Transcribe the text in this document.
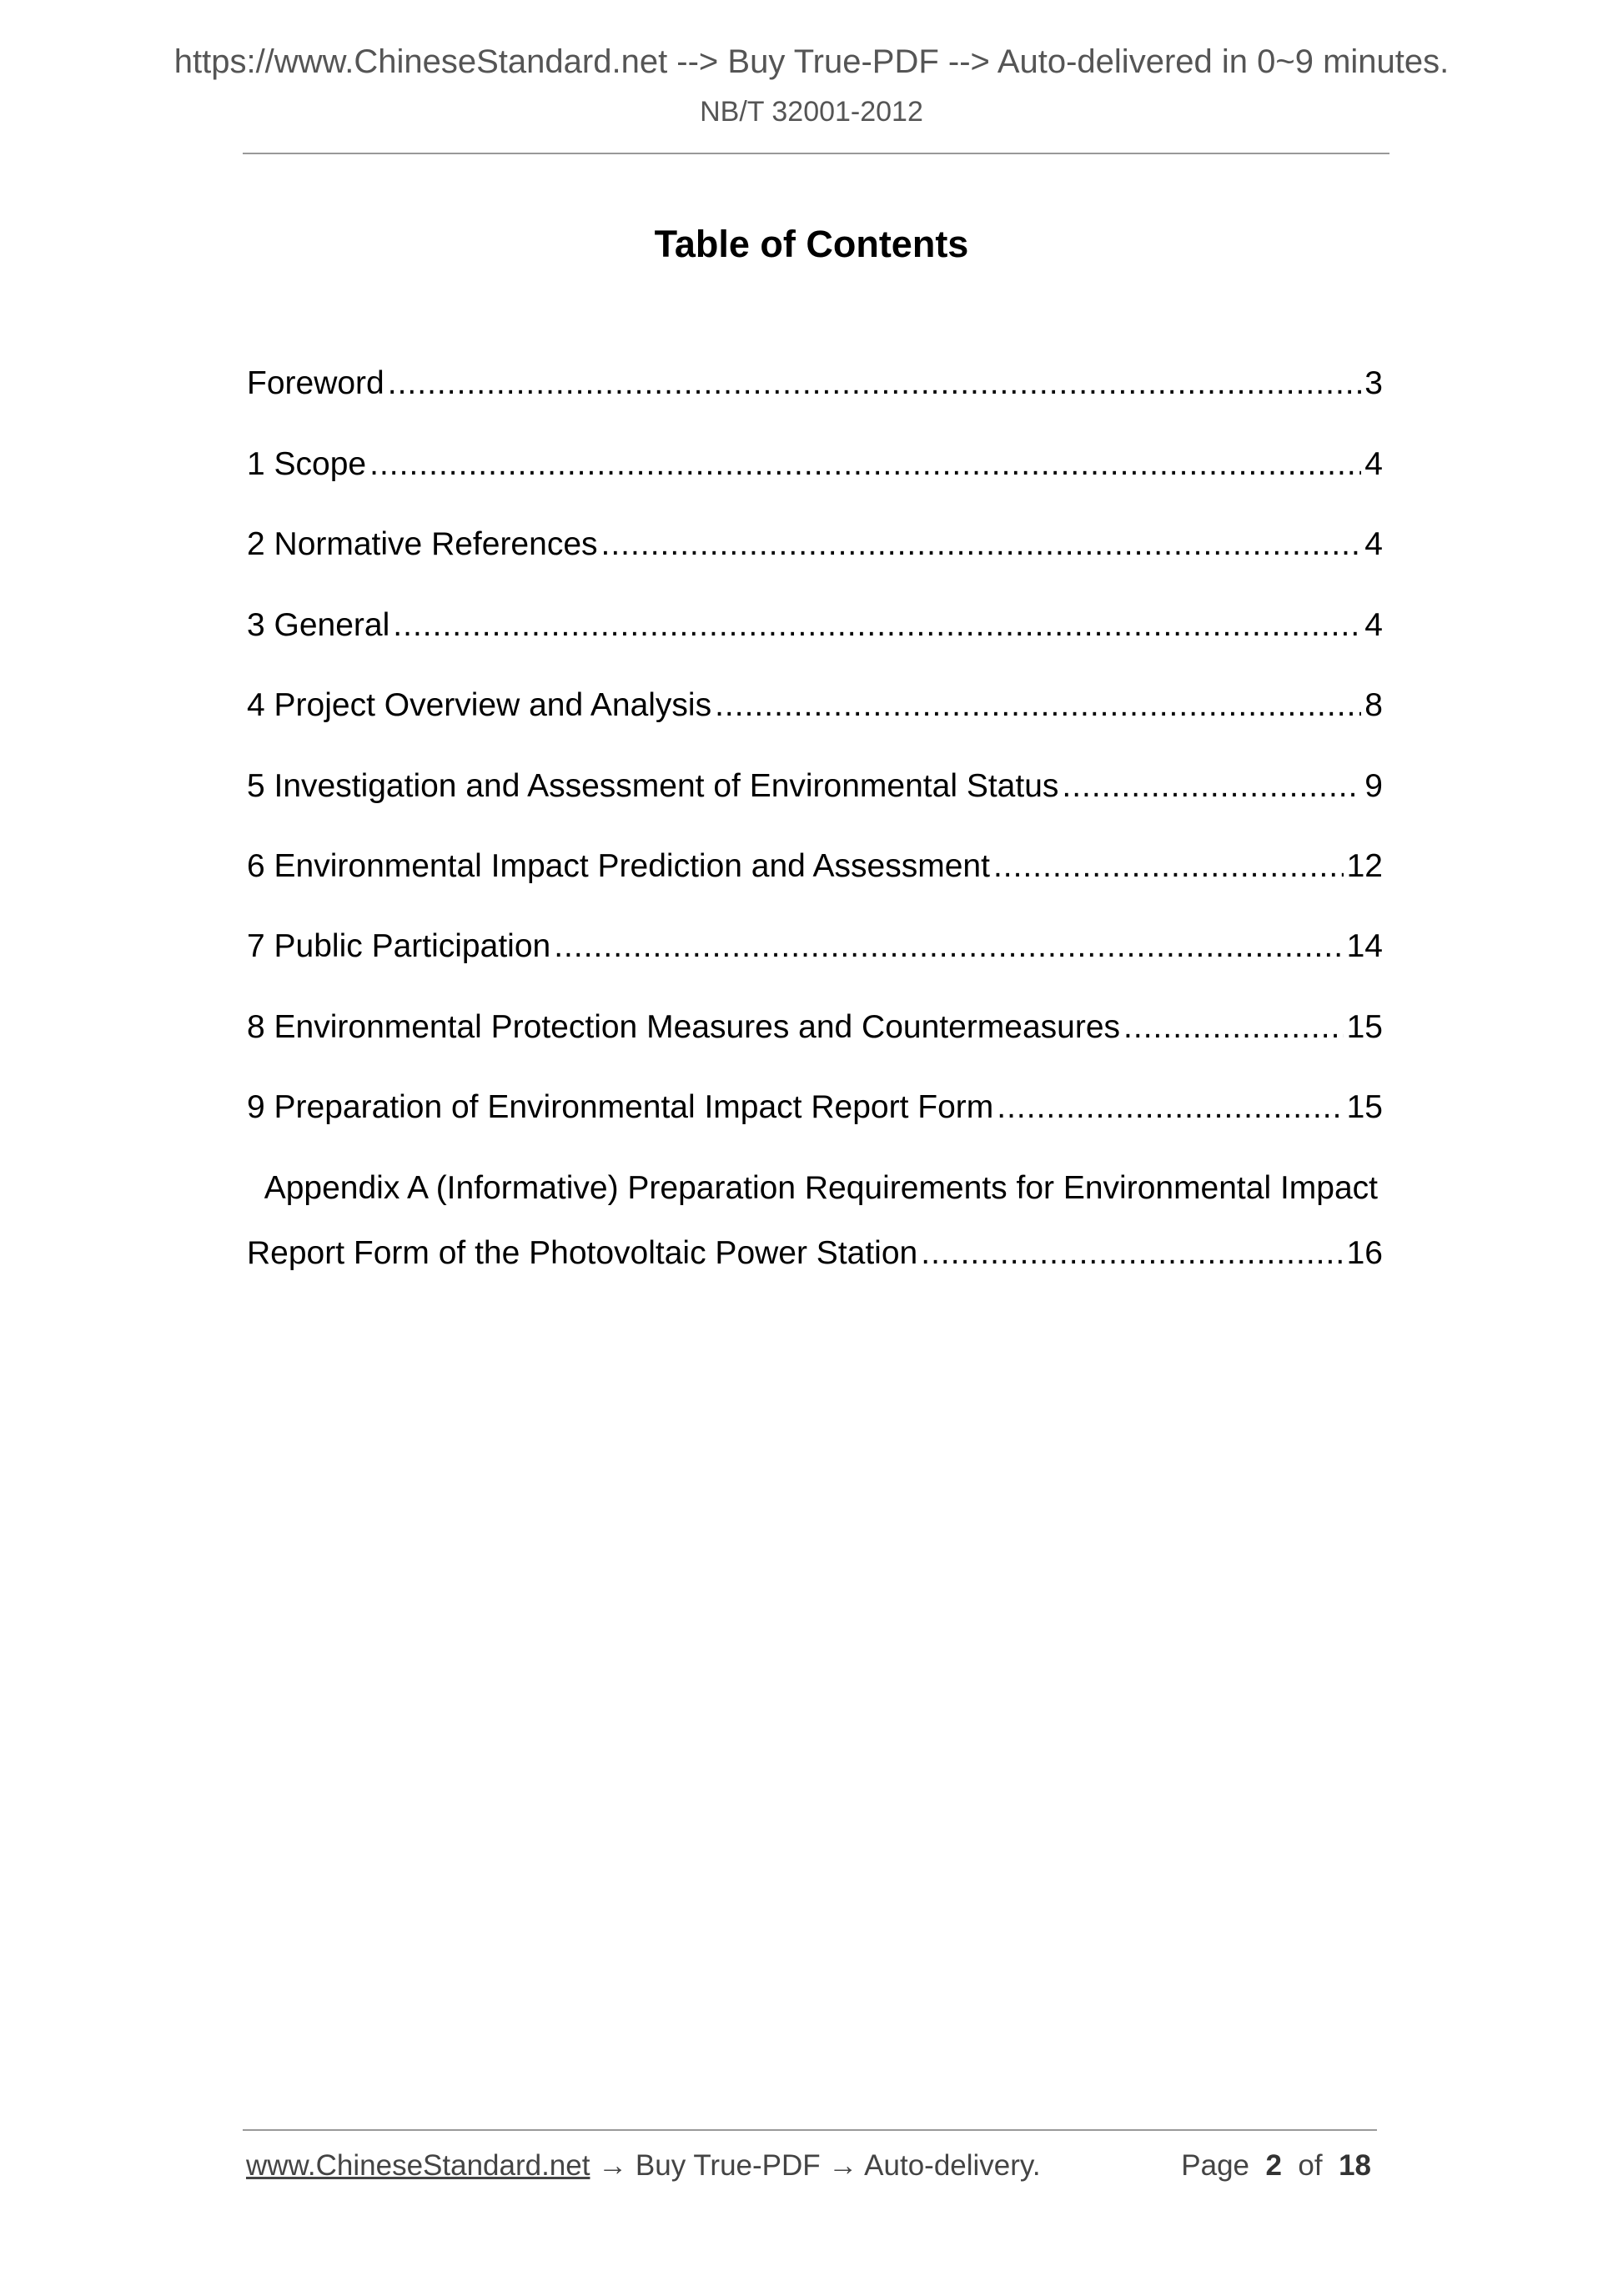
https://www.ChineseStandard.net --> Buy True-PDF --> Auto-delivered in 0~9 minutes.
NB/T 32001-2012
Table of Contents
Foreword .....	3
1 Scope .....	4
2 Normative References .....	4
3 General .....	4
4 Project Overview and Analysis .....	8
5 Investigation and Assessment of Environmental Status .....	9
6 Environmental Impact Prediction and Assessment .....	12
7 Public Participation .....	14
8 Environmental Protection Measures and Countermeasures .....	15
9 Preparation of Environmental Impact Report Form .....	15
Appendix A (Informative) Preparation Requirements for Environmental Impact
Report Form of the Photovoltaic Power Station .....	16
www.ChineseStandard.net → Buy True-PDF → Auto-delivery.	Page 2 of 18
